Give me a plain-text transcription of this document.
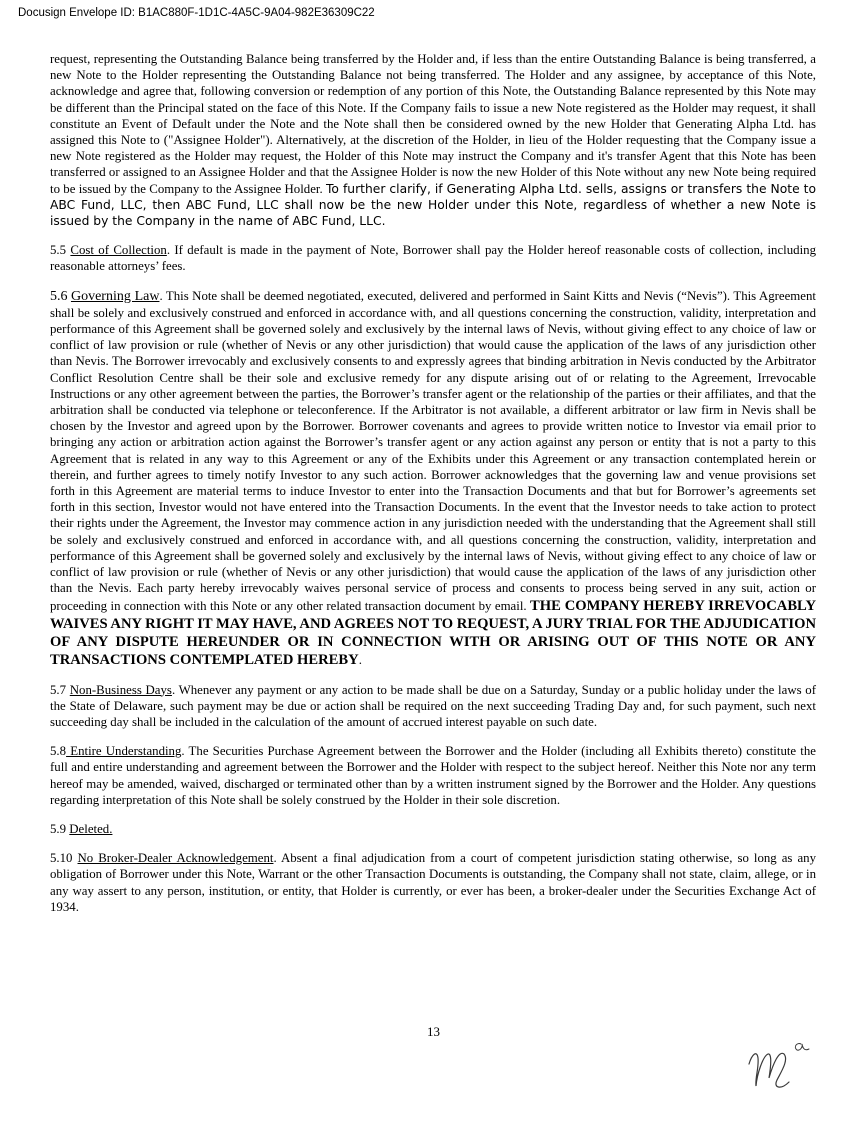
Docusign Envelope ID: B1AC880F-1D1C-4A5C-9A04-982E36309C22

request, representing the Outstanding Balance being transferred by the Holder and, if less than the entire Outstanding Balance is being transferred, a new Note to the Holder representing the Outstanding Balance not being transferred. The Holder and any assignee, by acceptance of this Note, acknowledge and agree that, following conversion or redemption of any portion of this Note, the Outstanding Balance represented by this Note may be different than the Principal stated on the face of this Note. If the Company fails to issue a new Note registered as the Holder may request, it shall constitute an Event of Default under the Note and the Note shall then be considered owned by the new Holder that Generating Alpha Ltd. has assigned this Note to ("Assignee Holder"). Alternatively, at the discretion of the Holder, in lieu of the Holder requesting that the Company issue a new Note registered as the Holder may request, the Holder of this Note may instruct the Company and it's transfer Agent that this Note has been transferred or assigned to an Assignee Holder and that the Assignee Holder is now the new Holder of this Note without any new Note being required to be issued by the Company to the Assignee Holder. To further clarify, if Generating Alpha Ltd. sells, assigns or transfers the Note to ABC Fund, LLC, then ABC Fund, LLC shall now be the new Holder under this Note, regardless of whether a new Note is issued by the Company in the name of ABC Fund, LLC.

5.5 Cost of Collection. If default is made in the payment of Note, Borrower shall pay the Holder hereof reasonable costs of collection, including reasonable attorneys’ fees.

5.6 Governing Law. This Note shall be deemed negotiated, executed, delivered and performed in Saint Kitts and Nevis (“Nevis”). This Agreement shall be solely and exclusively construed and enforced in accordance with, and all questions concerning the construction, validity, interpretation and performance of this Agreement shall be governed solely and exclusively by the internal laws of Nevis, without giving effect to any choice of law or conflict of law provision or rule (whether of Nevis or any other jurisdiction) that would cause the application of the laws of any jurisdiction other than Nevis. The Borrower irrevocably and exclusively consents to and expressly agrees that binding arbitration in Nevis conducted by the Arbitrator Conflict Resolution Centre shall be their sole and exclusive remedy for any dispute arising out of or relating to the Agreement, Irrevocable Instructions or any other agreement between the parties, the Borrower’s transfer agent or the relationship of the parties or their affiliates, and that the arbitration shall be conducted via telephone or teleconference. If the Arbitrator is not available, a different arbitrator or law firm in Nevis shall be chosen by the Investor and agreed upon by the Borrower. Borrower covenants and agrees to provide written notice to Investor via email prior to bringing any action or arbitration action against the Borrower’s transfer agent or any action against any person or entity that is not a party to this Agreement that is related in any way to this Agreement or any of the Exhibits under this Agreement or any transaction contemplated herein or therein, and further agrees to timely notify Investor to any such action. Borrower acknowledges that the governing law and venue provisions set forth in this Agreement are material terms to induce Investor to enter into the Transaction Documents and that but for Borrower’s agreements set forth in this section, Investor would not have entered into the Transaction Documents. In the event that the Investor needs to take action to protect their rights under the Agreement, the Investor may commence action in any jurisdiction needed with the understanding that the Agreement shall still be solely and exclusively construed and enforced in accordance with, and all questions concerning the construction, validity, interpretation and performance of this Agreement shall be governed solely and exclusively by the internal laws of Nevis, without giving effect to any choice of law or conflict of law provision or rule (whether of Nevis or any other jurisdiction) that would cause the application of the laws of any jurisdiction other than the Nevis. Each party hereby irrevocably waives personal service of process and consents to process being served in any suit, action or proceeding in connection with this Note or any other related transaction document by email. THE COMPANY HEREBY IRREVOCABLY WAIVES ANY RIGHT IT MAY HAVE, AND AGREES NOT TO REQUEST, A JURY TRIAL FOR THE ADJUDICATION OF ANY DISPUTE HEREUNDER OR IN CONNECTION WITH OR ARISING OUT OF THIS NOTE OR ANY TRANSACTIONS CONTEMPLATED HEREBY.

5.7 Non-Business Days. Whenever any payment or any action to be made shall be due on a Saturday, Sunday or a public holiday under the laws of the State of Delaware, such payment may be due or action shall be required on the next succeeding Trading Day and, for such payment, such next succeeding day shall be included in the calculation of the amount of accrued interest payable on such date.

5.8 Entire Understanding. The Securities Purchase Agreement between the Borrower and the Holder (including all Exhibits thereto) constitute the full and entire understanding and agreement between the Borrower and the Holder with respect to the subject hereof. Neither this Note nor any term hereof may be amended, waived, discharged or terminated other than by a written instrument signed by the Borrower and the Holder. Any questions regarding interpretation of this Note shall be solely construed by the Holder in their sole discretion.

5.9 Deleted.

5.10 No Broker-Dealer Acknowledgement. Absent a final adjudication from a court of competent jurisdiction stating otherwise, so long as any obligation of Borrower under this Note, Warrant or the other Transaction Documents is outstanding, the Company shall not state, claim, allege, or in any way assert to any person, institution, or entity, that Holder is currently, or ever has been, a broker-dealer under the Securities Exchange Act of 1934.

13
